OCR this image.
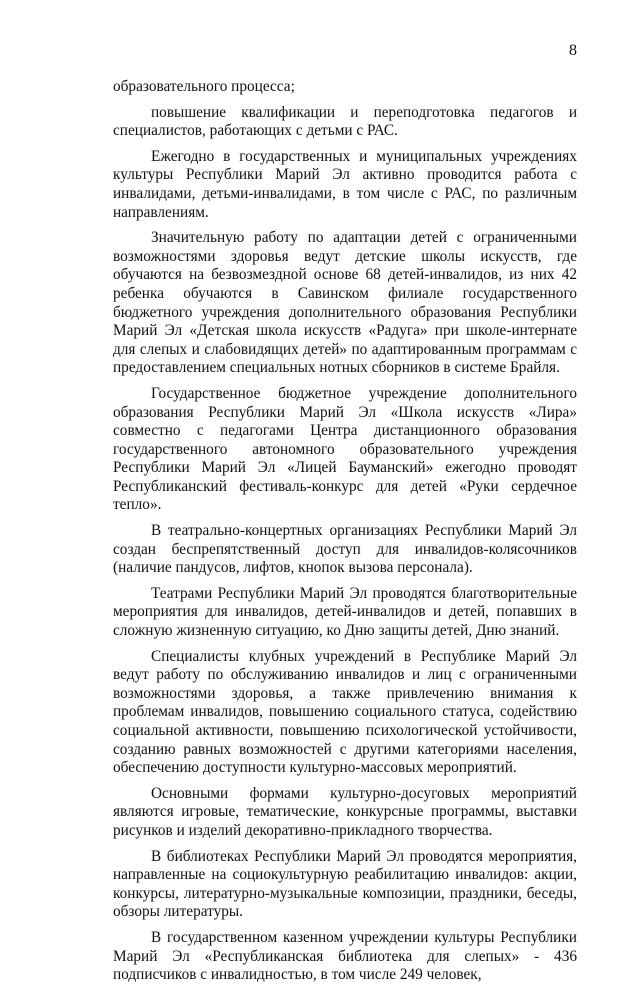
8

образовательного процесса;

повышение квалификации и переподготовка педагогов и специалистов, работающих с детьми с РАС.

Ежегодно в государственных и муниципальных учреждениях культуры Республики Марий Эл активно проводится работа с инвалидами, детьми-инвалидами, в том числе с РАС, по различным направлениям.

Значительную работу по адаптации детей с ограниченными возможностями здоровья ведут детские школы искусств, где обучаются на безвозмездной основе 68 детей-инвалидов, из них 42 ребенка обучаются в Савинском филиале государственного бюджетного учреждения дополнительного образования Республики Марий Эл «Детская школа искусств «Радуга» при школе-интернате для слепых и слабовидящих детей» по адаптированным программам с предоставлением специальных нотных сборников в системе Брайля.

Государственное бюджетное учреждение дополнительного образования Республики Марий Эл «Школа искусств «Лира» совместно с педагогами Центра дистанционного образования государственного автономного образовательного учреждения Республики Марий Эл «Лицей Бауманский» ежегодно проводят Республиканский фестиваль-конкурс для детей «Руки сердечное тепло».

В театрально-концертных организациях Республики Марий Эл создан беспрепятственный доступ для инвалидов-колясочников (наличие пандусов, лифтов, кнопок вызова персонала).

Театрами Республики Марий Эл проводятся благотворительные мероприятия для инвалидов, детей-инвалидов и детей, попавших в сложную жизненную ситуацию, ко Дню защиты детей, Дню знаний.

Специалисты клубных учреждений в Республике Марий Эл ведут работу по обслуживанию инвалидов и лиц с ограниченными возможностями здоровья, а также привлечению внимания к проблемам инвалидов, повышению социального статуса, содействию социальной активности, повышению психологической устойчивости, созданию равных возможностей с другими категориями населения, обеспечению доступности культурно-массовых мероприятий.

Основными формами культурно-досуговых мероприятий являются игровые, тематические, конкурсные программы, выставки рисунков и изделий декоративно-прикладного творчества.

В библиотеках Республики Марий Эл проводятся мероприятия, направленные на социокультурную реабилитацию инвалидов: акции, конкурсы, литературно-музыкальные композиции, праздники, беседы, обзоры литературы.

В государственном казенном учреждении культуры Республики Марий Эл «Республиканская библиотека для слепых» - 436 подписчиков с инвалидностью, в том числе 249 человек,
